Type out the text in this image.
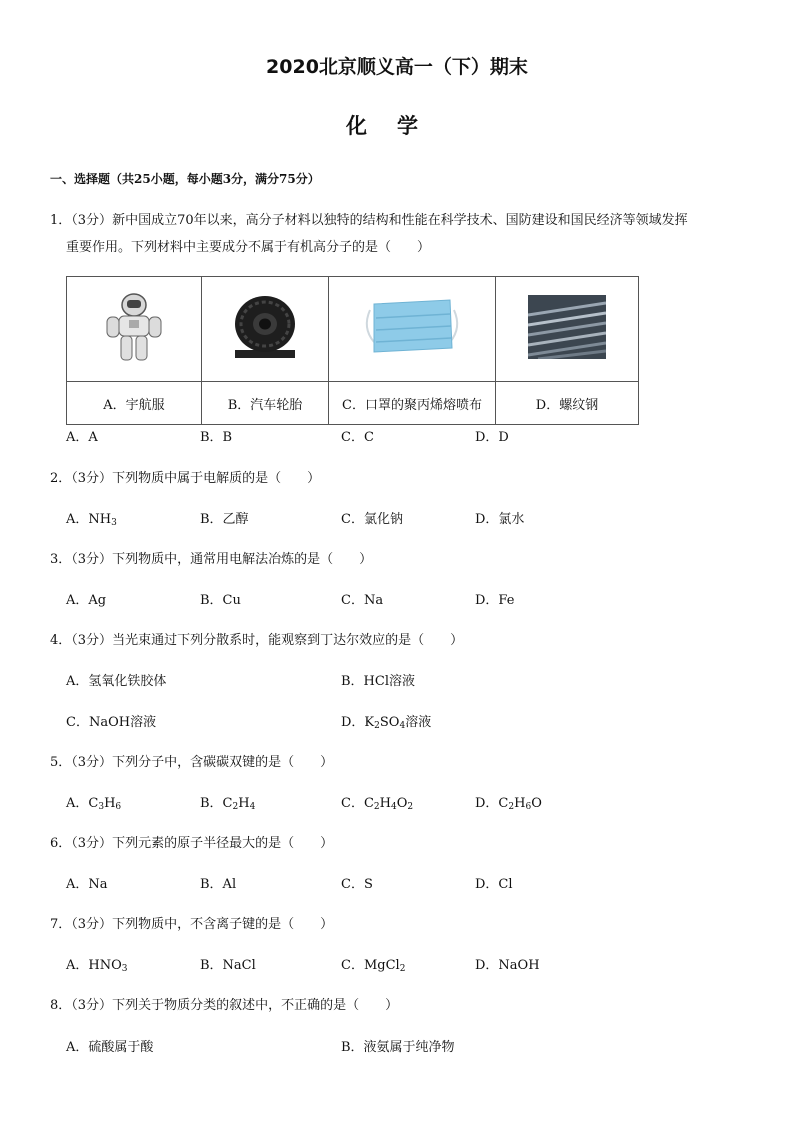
2020北京顺义高一（下）期末
化学
一、选择题（共25小题，每小题3分，满分75分）
1．（3分）新中国成立70年以来，高分子材料以独特的结构和性能在科学技术、国防建设和国民经济等领域发挥
重要作用。下列材料中主要成分不属于有机高分子的是（　　）

A．宇航服	B．汽车轮胎	C．口罩的聚丙烯熔喷布	D．螺纹钢
A．A	B．B	C．C	D．D
2．（3分）下列物质中属于电解质的是（　　）
A．$NH_3$	B．乙醇	C．氯化钠	D．氯水
3．（3分）下列物质中，通常用电解法冶炼的是（　　）
A．Ag	B．Cu	C．Na	D．Fe
4．（3分）当光束通过下列分散系时，能观察到丁达尔效应的是（　　）
A．氢氧化铁胶体	B．HCl溶液
C．NaOH溶液	D．$K_2SO_4$溶液
5．（3分）下列分子中，含碳碳双键的是（　　）
A．$C_3H_6$	B．$C_2H_4$	C．$C_2H_4O_2$	D．$C_2H_6O$
6．（3分）下列元素的原子半径最大的是（　　）
A．Na	B．Al	C．S	D．Cl
7．（3分）下列物质中，不含离子键的是（　　）
A．$HNO_3$	B．NaCl	C．MgCl$_2$	D．NaOH
8．（3分）下列关于物质分类的叙述中，不正确的是（　　）
A．硫酸属于酸	B．液氨属于纯净物
